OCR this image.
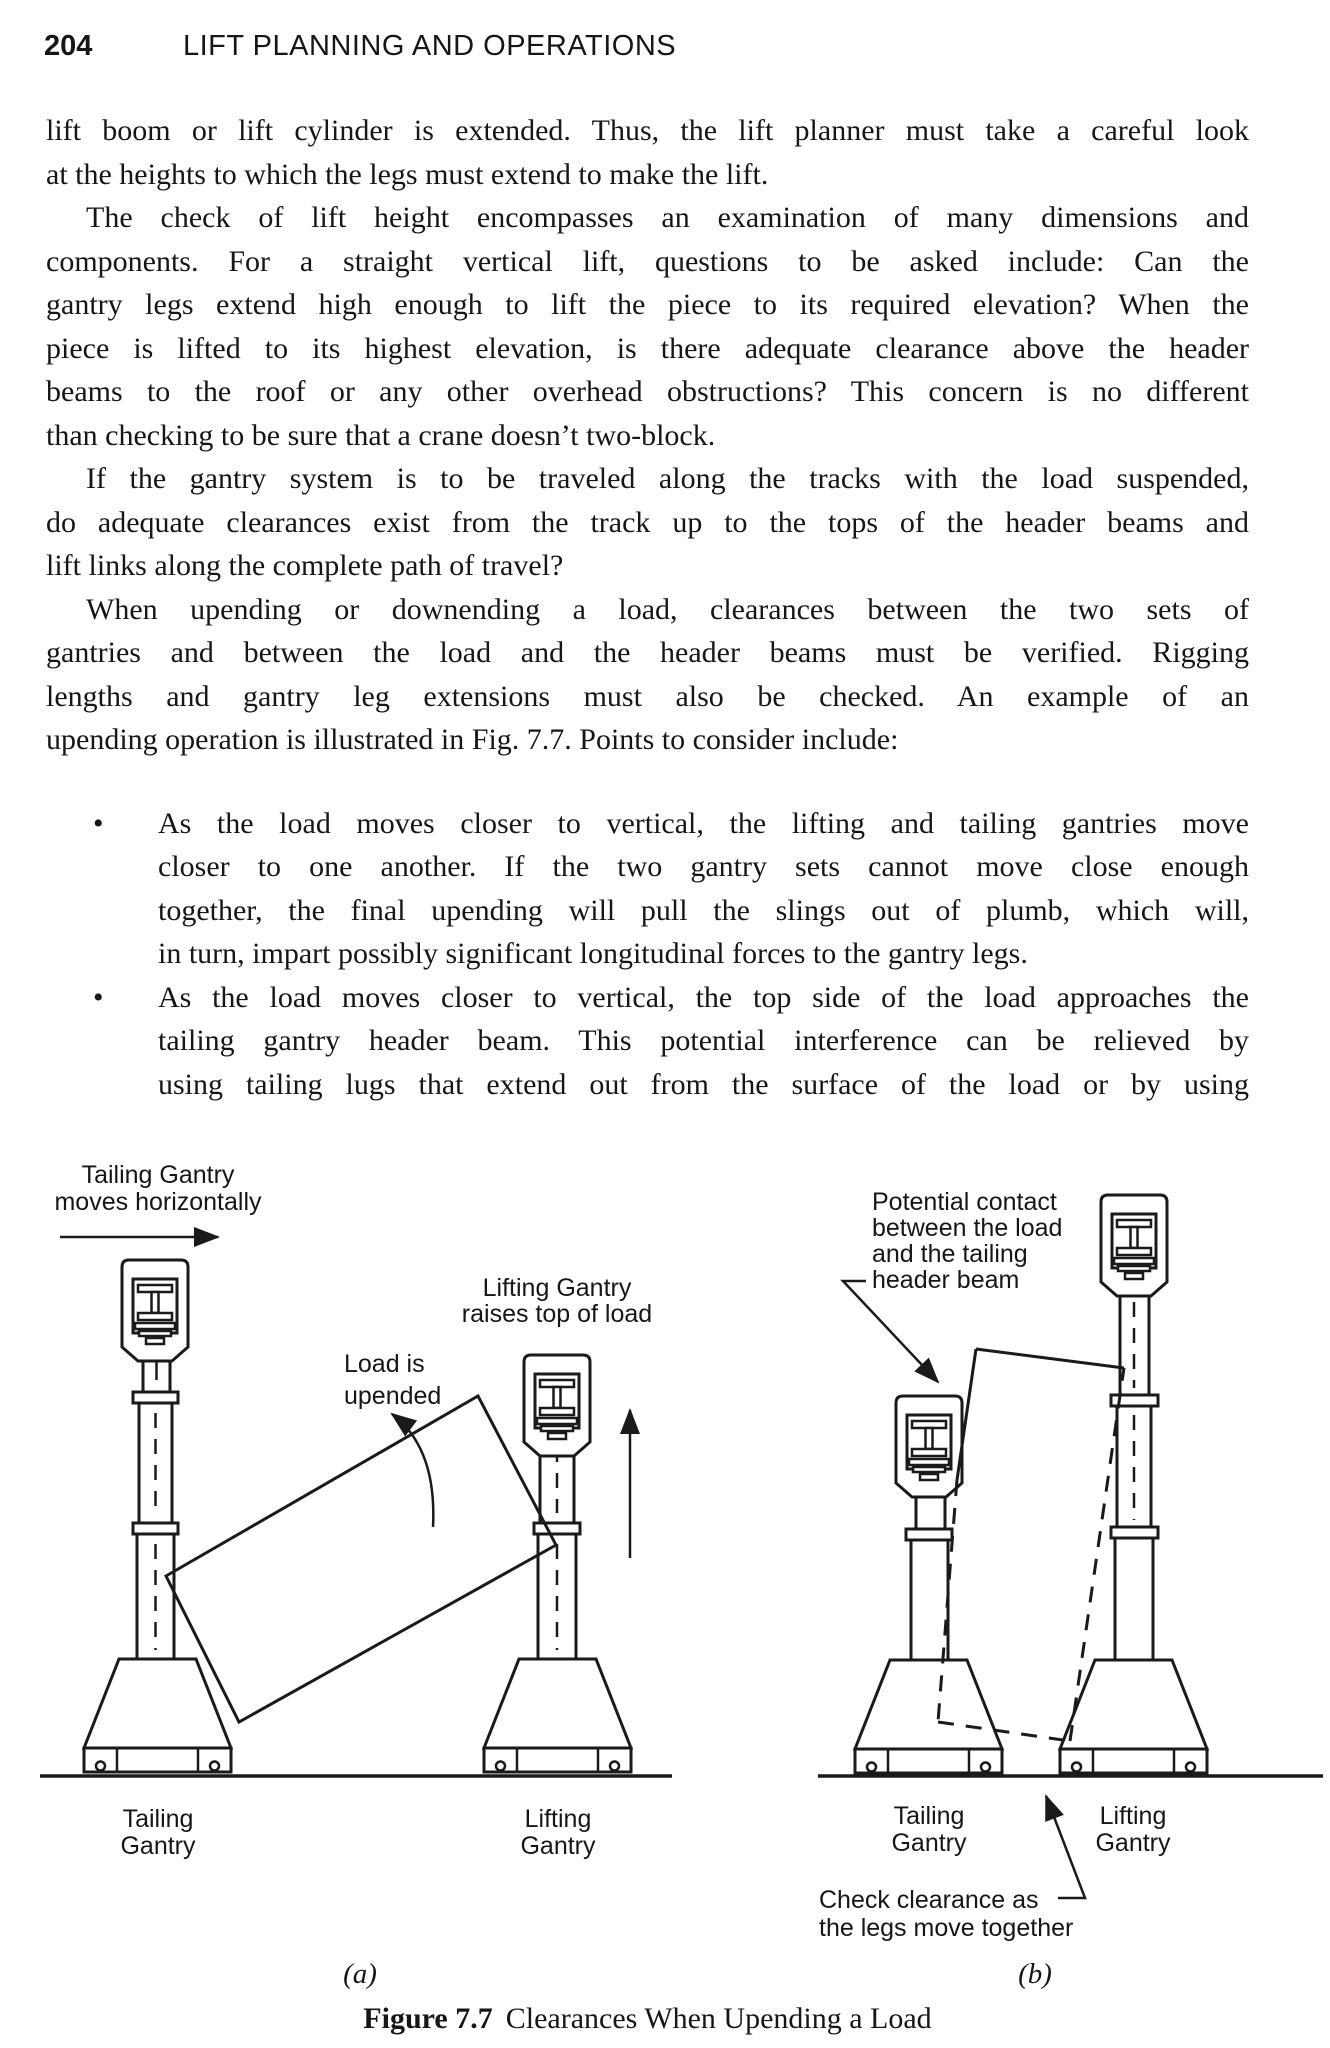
204	LIFT PLANNING AND OPERATIONS
lift boom or lift cylinder is extended. Thus, the lift planner must take a careful look
at the heights to which the legs must extend to make the lift.
The check of lift height encompasses an examination of many dimensions and
components. For a straight vertical lift, questions to be asked include: Can the
gantry legs extend high enough to lift the piece to its required elevation? When the
piece is lifted to its highest elevation, is there adequate clearance above the header
beams to the roof or any other overhead obstructions? This concern is no different
than checking to be sure that a crane doesn’t two-block.
If the gantry system is to be traveled along the tracks with the load suspended,
do adequate clearances exist from the track up to the tops of the header beams and
lift links along the complete path of travel?
When upending or downending a load, clearances between the two sets of
gantries and between the load and the header beams must be verified. Rigging
lengths and gantry leg extensions must also be checked. An example of an
upending operation is illustrated in Fig. 7.7. Points to consider include:
• As the load moves closer to vertical, the lifting and tailing gantries move
closer to one another. If the two gantry sets cannot move close enough
together, the final upending will pull the slings out of plumb, which will,
in turn, impart possibly significant longitudinal forces to the gantry legs.
• As the load moves closer to vertical, the top side of the load approaches the
tailing gantry header beam. This potential interference can be relieved by
using tailing lugs that extend out from the surface of the load or by using
Tailing Gantry
moves horizontally
Lifting Gantry
raises top of load
Load is
upended
Tailing
Gantry
Lifting
Gantry
Potential contact
between the load
and the tailing
header beam
Tailing
Gantry
Lifting
Gantry
Check clearance as
the legs move together
(a)	(b)
Figure 7.7 Clearances When Upending a Load
